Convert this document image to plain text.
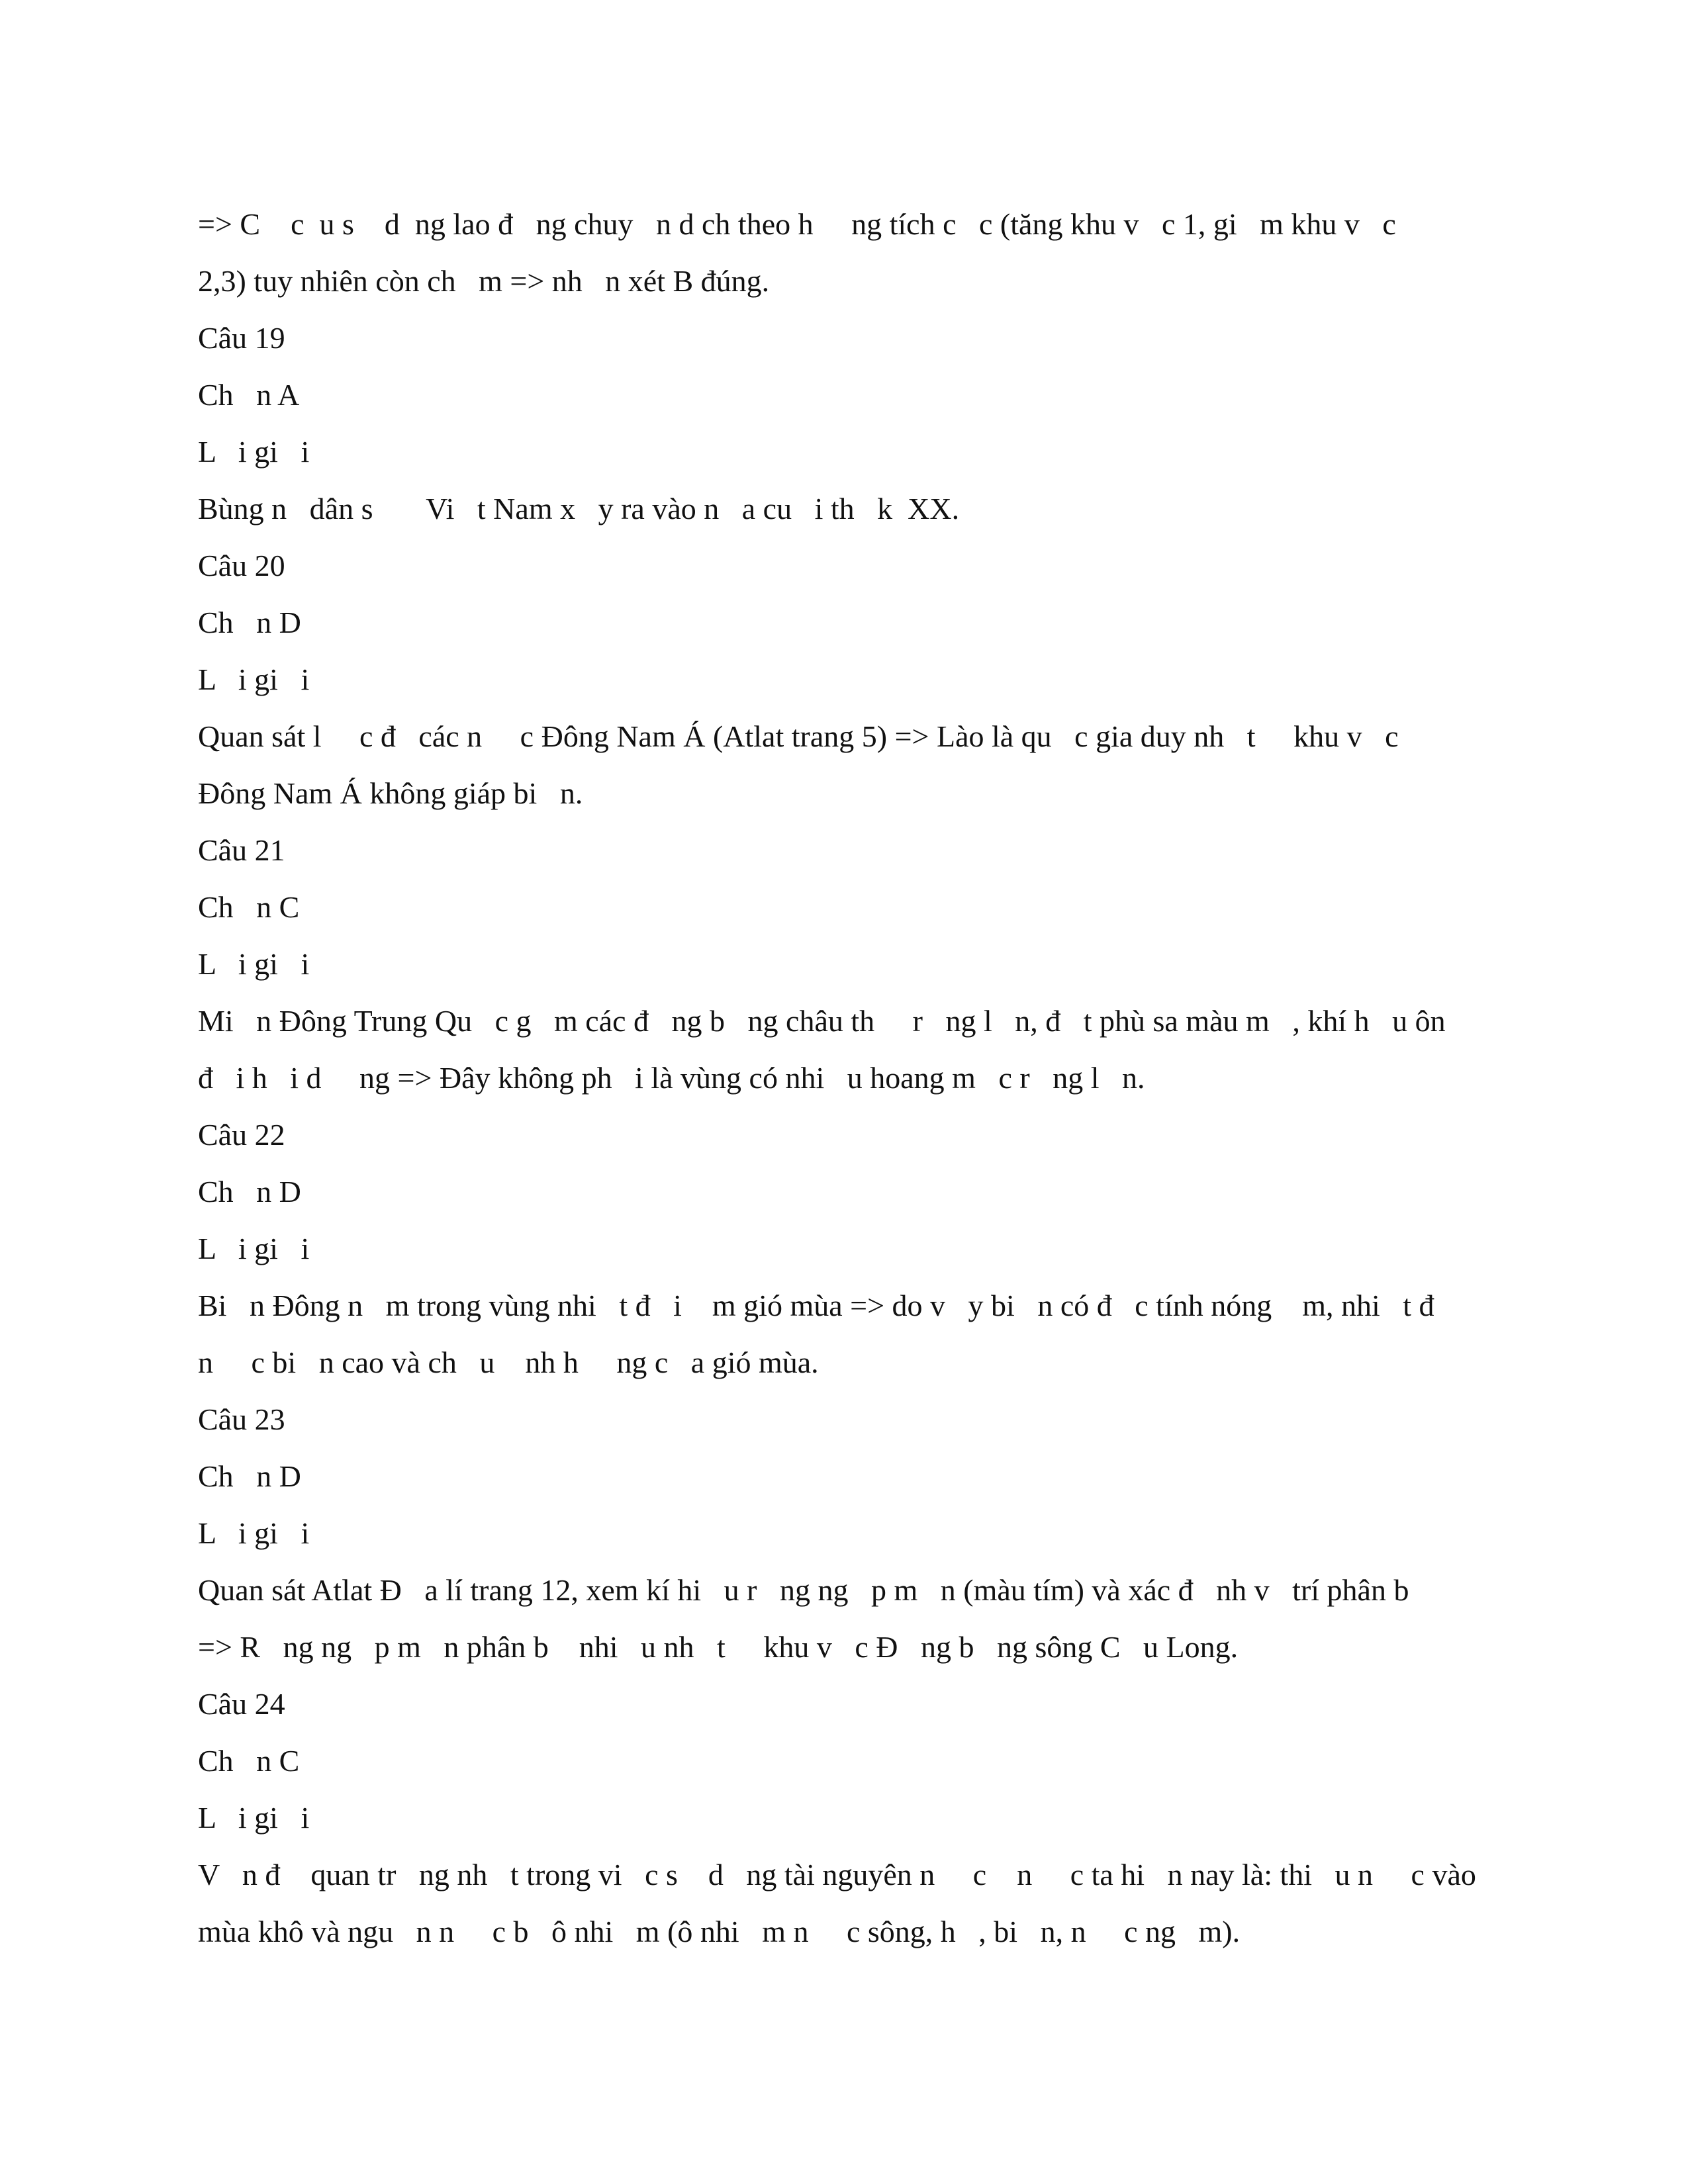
=> C    c  u s    d  ng lao đ   ng chuy   n d ch theo h     ng tích c   c (tăng khu v   c 1, gi   m khu v   c
2,3) tuy nhiên còn ch   m => nh   n xét B đúng.
Câu 19
Ch   n A
L   i gi   i
Bùng n   dân s       Vi   t Nam x   y ra vào n   a cu   i th   k  XX.
Câu 20
Ch   n D
L   i gi   i
Quan sát l     c đ   các n     c Đông Nam Á (Atlat trang 5) => Lào là qu   c gia duy nh   t     khu v   c
Đông Nam Á không giáp bi   n.
Câu 21
Ch   n C
L   i gi   i
Mi   n Đông Trung Qu   c g   m các đ   ng b   ng châu th     r   ng l   n, đ   t phù sa màu m   , khí h   u ôn
đ   i h   i d     ng => Đây không ph   i là vùng có nhi   u hoang m   c r   ng l   n.
Câu 22
Ch   n D
L   i gi   i
Bi   n Đông n   m trong vùng nhi   t đ   i    m gió mùa => do v   y bi   n có đ   c tính nóng    m, nhi   t đ
n     c bi   n cao và ch   u    nh h     ng c   a gió mùa.
Câu 23
Ch   n D
L   i gi   i
Quan sát Atlat Đ   a lí trang 12, xem kí hi   u r   ng ng   p m   n (màu tím) và xác đ   nh v   trí phân b
=> R   ng ng   p m   n phân b    nhi   u nh   t     khu v   c Đ   ng b   ng sông C   u Long.
Câu 24
Ch   n C
L   i gi   i
V   n đ    quan tr   ng nh   t trong vi   c s    d   ng tài nguyên n     c    n     c ta hi   n nay là: thi   u n     c vào
mùa khô và ngu   n n     c b   ô nhi   m (ô nhi   m n     c sông, h   , bi   n, n     c ng   m).
